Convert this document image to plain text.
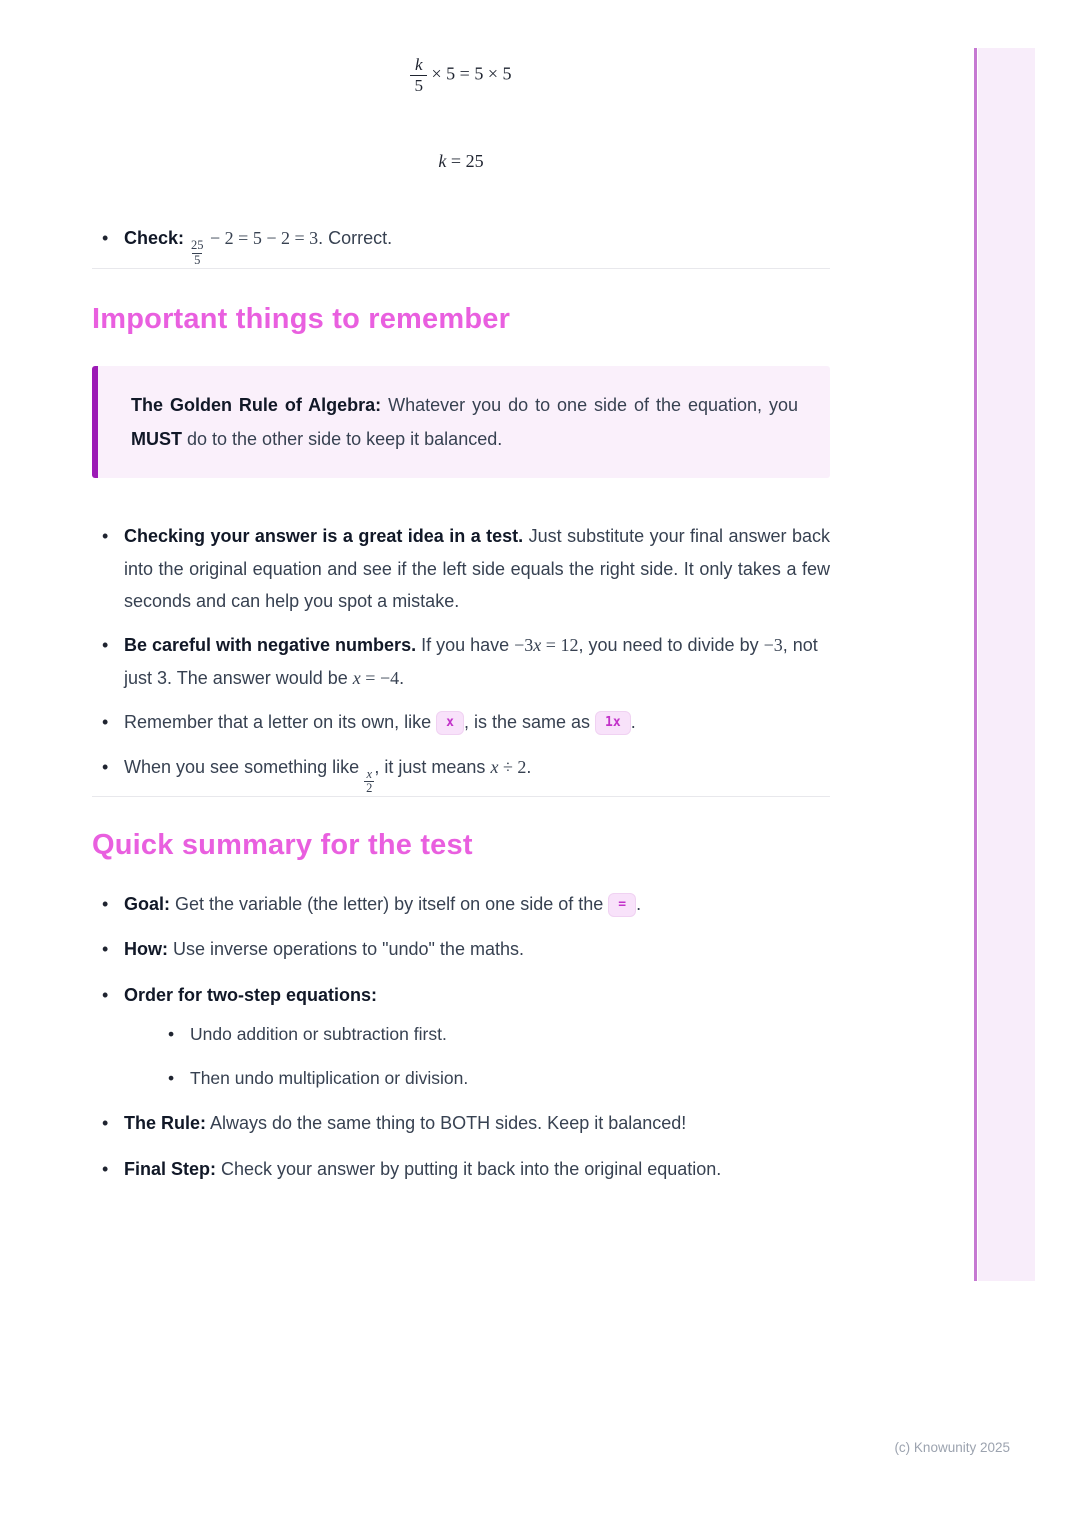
$\frac{k}{5} \times 5 = 5 \times 5$
k = 25
• Check:
$\frac{25}{5}$
− 2 = 5 − 2 = 3. Correct.
Important things to remember
The Golden Rule of Algebra: Whatever you do to one side of the equation, you MUST do to the other side to keep it balanced.
• Checking your answer is a great idea in a test. Just substitute your final answer back into the original equation and see if the left side equals the right side. It only takes a few seconds and can help you spot a mistake.
• Be careful with negative numbers. If you have −3x = 12, you need to divide by −3, not just 3. The answer would be x = −4.
• Remember that a letter on its own, like x , is the same as 1x .
• When you see something like
$\frac{x}{2}$
, it just means x ÷ 2.
Quick summary for the test
• Goal: Get the variable (the letter) by itself on one side of the = .
• How: Use inverse operations to "undo" the maths.
• Order for two-step equations:
• Undo addition or subtraction first.
• Then undo multiplication or division.
• The Rule: Always do the same thing to BOTH sides. Keep it balanced!
• Final Step: Check your answer by putting it back into the original equation.
(c) Knowunity 2025
